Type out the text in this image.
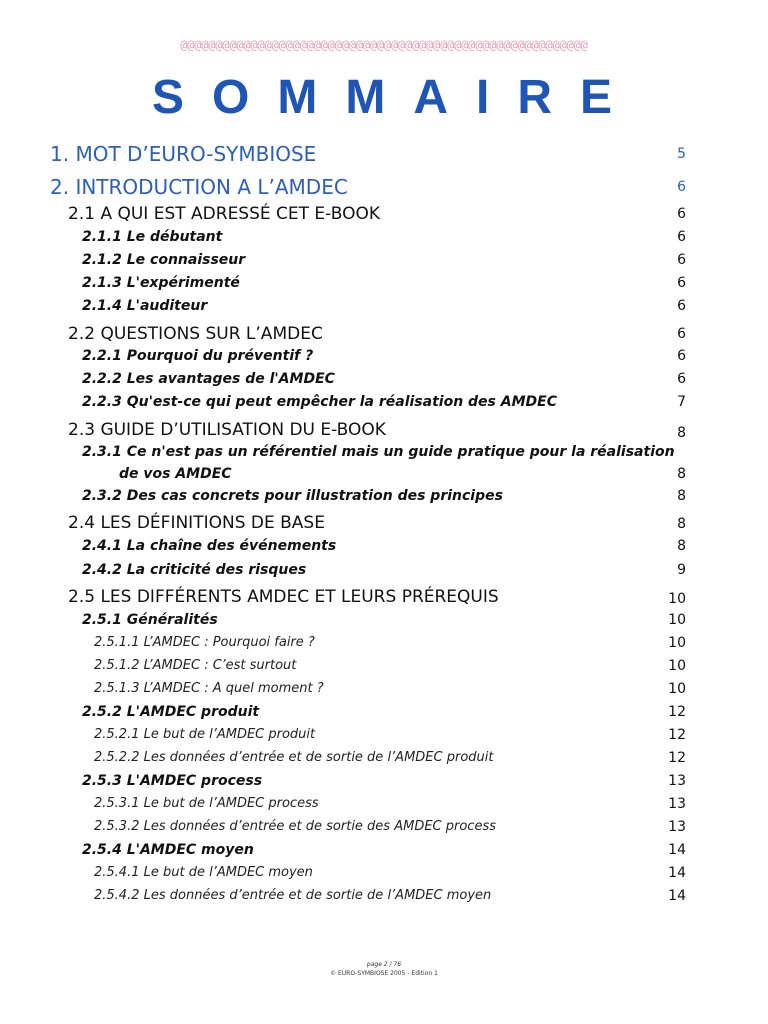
@@@@@@@@@@@@@@@@@@@@@@@@@@@@@@@@@@@@@@@@@@@@@@@@@@@@@@@@@@
SOMMAIRE
1. MOT D’EURO-SYMBIOSE	5
2. INTRODUCTION A L’AMDEC	6
2.1 A QUI EST ADRESSÉ CET E-BOOK	6
2.1.1 Le débutant	6
2.1.2 Le connaisseur	6
2.1.3 L'expérimenté	6
2.1.4 L'auditeur	6
2.2 QUESTIONS SUR L’AMDEC	6
2.2.1 Pourquoi du préventif ?	6
2.2.2 Les avantages de l'AMDEC	6
2.2.3 Qu'est-ce qui peut empêcher la réalisation des AMDEC	7
2.3 GUIDE D’UTILISATION DU E-BOOK	8
2.3.1 Ce n'est pas un référentiel mais un guide pratique pour la réalisation
de vos AMDEC	8
2.3.2 Des cas concrets pour illustration des principes	8
2.4 LES DÉFINITIONS DE BASE	8
2.4.1 La chaîne des événements	8
2.4.2 La criticité des risques	9
2.5 LES DIFFÉRENTS AMDEC ET LEURS PRÉREQUIS	10
2.5.1 Généralités	10
2.5.1.1 L’AMDEC : Pourquoi faire ?	10
2.5.1.2 L’AMDEC : C’est surtout	10
2.5.1.3 L’AMDEC : A quel moment ?	10
2.5.2 L'AMDEC produit	12
2.5.2.1 Le but de l’AMDEC produit	12
2.5.2.2 Les données d’entrée et de sortie de l’AMDEC produit	12
2.5.3 L'AMDEC process	13
2.5.3.1 Le but de l’AMDEC process	13
2.5.3.2 Les données d’entrée et de sortie des AMDEC process	13
2.5.4 L'AMDEC moyen	14
2.5.4.1 Le but de l’AMDEC moyen	14
2.5.4.2 Les données d’entrée et de sortie de l’AMDEC moyen	14
page 2 / 76
© EURO-SYMBIOSE 2005 - Edition 1
